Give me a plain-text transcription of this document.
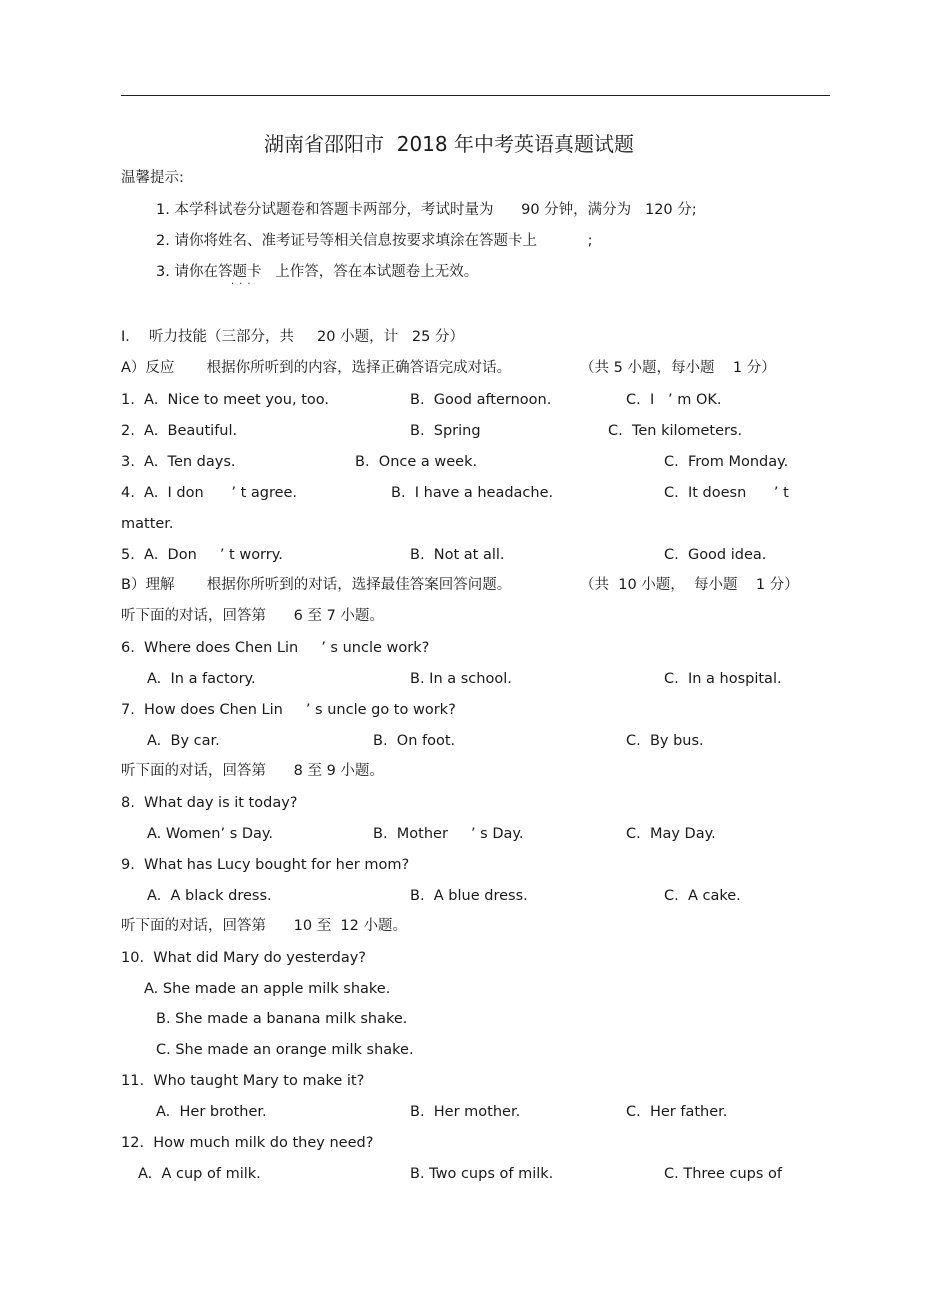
湖南省邵阳市  2018 年中考英语真题试题
温馨提示:
1. 本学科试卷分试题卷和答题卡两部分，考试时量为      90 分钟，满分为   120 分;
2. 请你将姓名、准考证号等相关信息按要求填涂在答题卡上           ;
3. 请你在答题卡   上作答，答在本试题卷上无效。
···
Ⅰ．  听力技能（三部分，共     20 小题，计   25 分）
A）反应       根据你所听到的内容，选择正确答语完成对话。	（共 5 小题，每小题    1 分）
1.  A.  Nice to meet you, too.	B.  Good afternoon.	C.  I   ’ m OK.
2.  A.  Beautiful.	B.  Spring	C.  Ten kilometers.
3.  A.  Ten days.	B.  Once a week.	C.  From Monday.
4.  A.  I don      ’ t agree.	B.  I have a headache.	C.  It doesn      ’ t
matter.
5.  A.  Don     ’ t worry.	B.  Not at all.	C.  Good idea.
B）理解       根据你所听到的对话，选择最佳答案回答问题。	（共  10 小题，  每小题    1 分）
听下面的对话，回答第      6 至 7 小题。
6.  Where does Chen Lin     ’ s uncle work?
A.  In a factory.	B. In a school.	C.  In a hospital.
7.  How does Chen Lin     ’ s uncle go to work?
A.  By car.	B.  On foot.	C.  By bus.
听下面的对话，回答第      8 至 9 小题。
8.  What day is it today?
A. Women’ s Day.	B.  Mother     ’ s Day.	C.  May Day.
9.  What has Lucy bought for her mom?
A.  A black dress.	B.  A blue dress.	C.  A cake.
听下面的对话，回答第      10 至  12 小题。
10.  What did Mary do yesterday?
A. She made an apple milk shake.
B. She made a banana milk shake.
C. She made an orange milk shake.
11.  Who taught Mary to make it?
A.  Her brother.	B.  Her mother.	C.  Her father.
12.  How much milk do they need?
A.  A cup of milk.	B. Two cups of milk.	C. Three cups of
